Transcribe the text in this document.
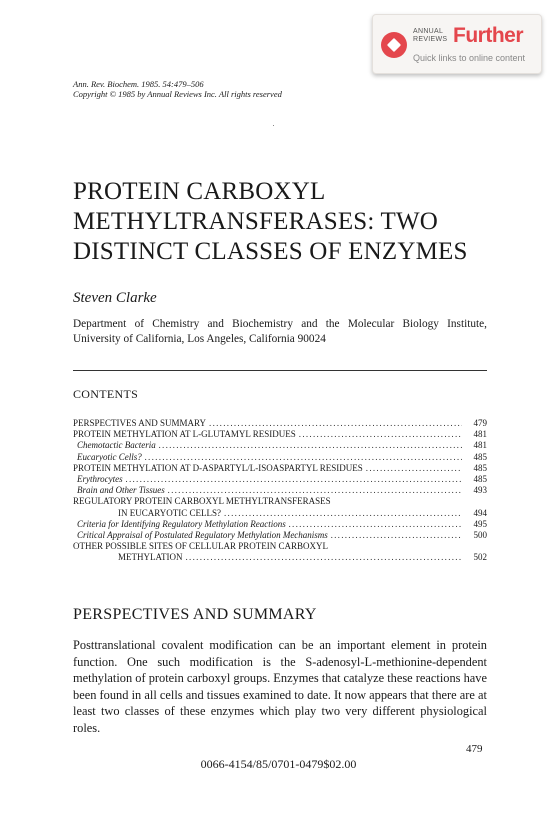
ANNUAL REVIEWS Further
Quick links to online content
Ann. Rev. Biochem. 1985. 54:479–506
Copyright © 1985 by Annual Reviews Inc. All rights reserved
PROTEIN CARBOXYL
METHYLTRANSFERASES: TWO
DISTINCT CLASSES OF ENZYMES
Steven Clarke
Department of Chemistry and Biochemistry and the Molecular Biology Institute, University of California, Los Angeles, California 90024
CONTENTS
PERSPECTIVES AND SUMMARY .....	479
PROTEIN METHYLATION AT L-GLUTAMYL RESIDUES .....	481
Chemotactic Bacteria .....	481
Eucaryotic Cells? .....	485
PROTEIN METHYLATION AT D-ASPARTYL/L-ISOASPARTYL RESIDUES .....	485
Erythrocytes .....	485
Brain and Other Tissues .....	493
REGULATORY PROTEIN CARBOXYL METHYLTRANSFERASES
IN EUCARYOTIC CELLS? .....	494
Criteria for Identifying Regulatory Methylation Reactions .....	495
Critical Appraisal of Postulated Regulatory Methylation Mechanisms .....	500
OTHER POSSIBLE SITES OF CELLULAR PROTEIN CARBOXYL
METHYLATION .....	502
PERSPECTIVES AND SUMMARY
Posttranslational covalent modification can be an important element in protein function. One such modification is the S-adenosyl-L-methionine-dependent methylation of protein carboxyl groups. Enzymes that catalyze these reactions have been found in all cells and tissues examined to date. It now appears that there are at least two classes of these enzymes which play two very different physiological roles.
479
0066-4154/85/0701-0479$02.00
